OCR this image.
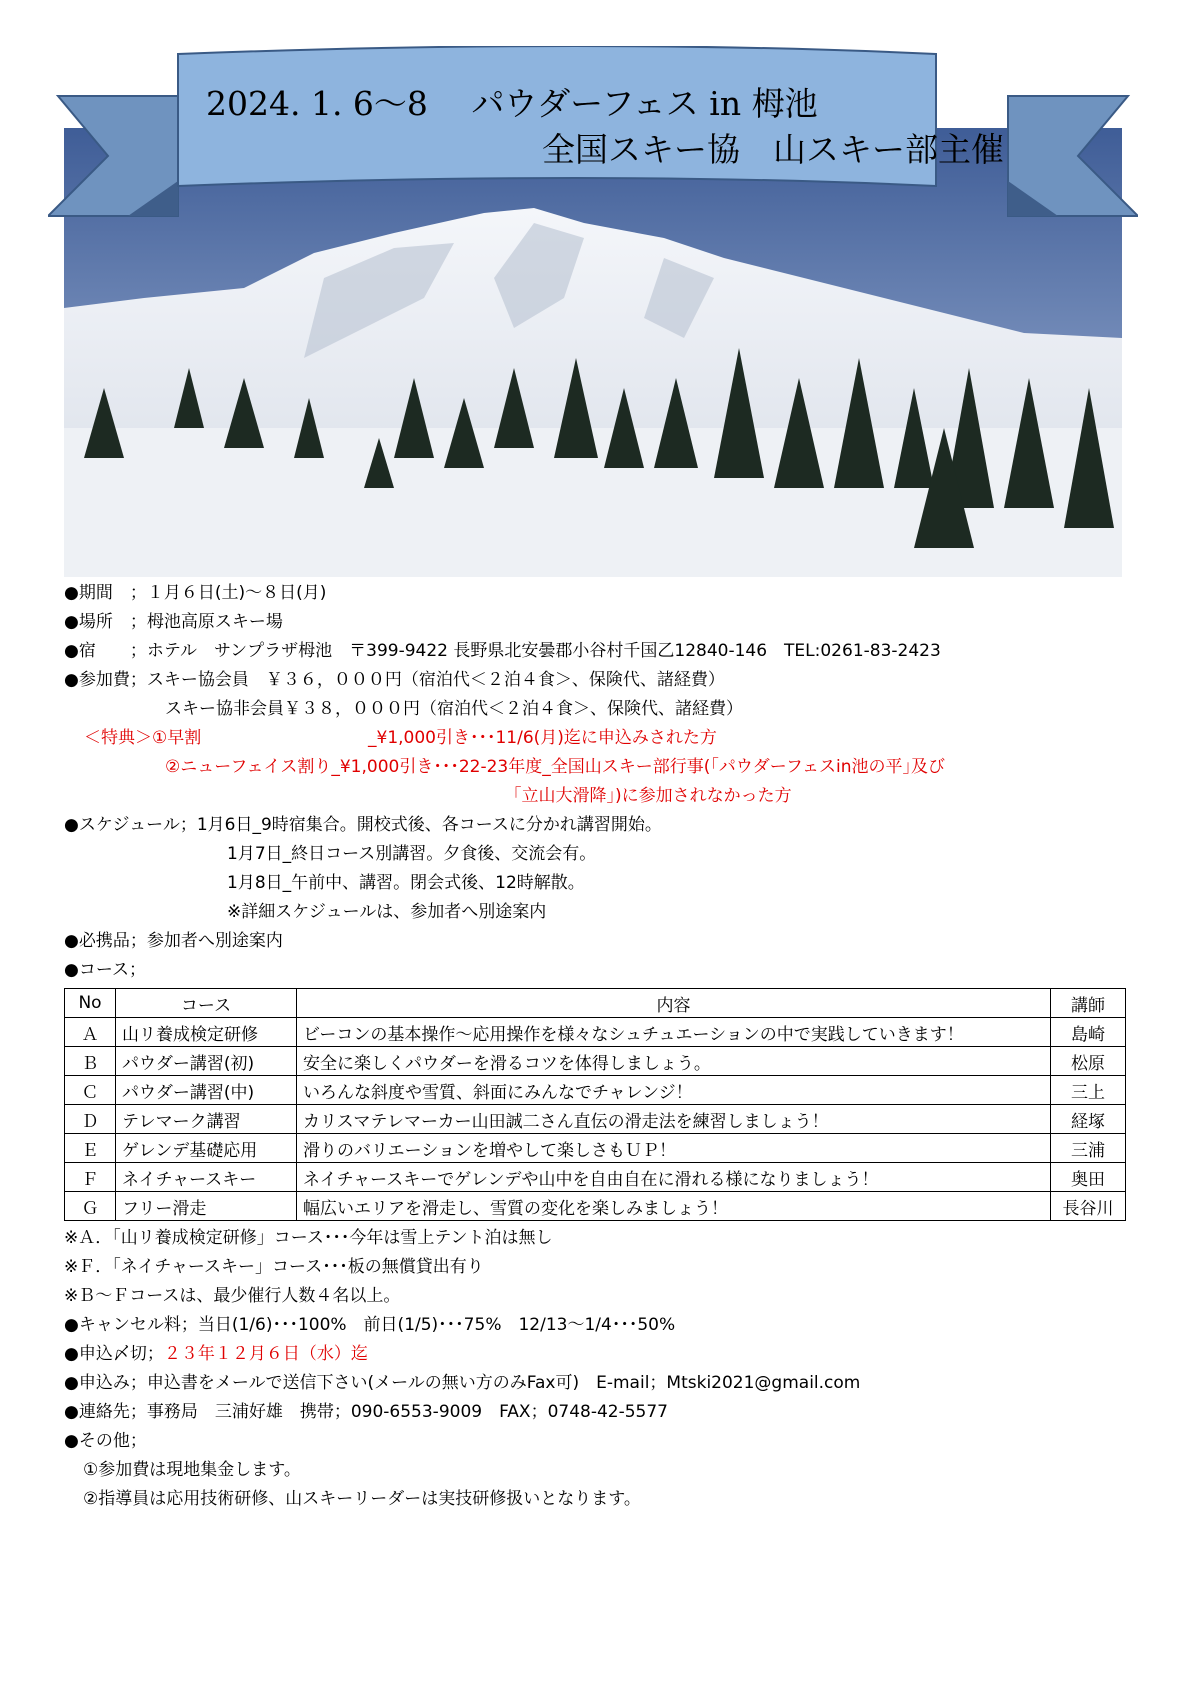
2024. 1. 6〜8　 パウダーフェス in 栂池
全国スキー協　山スキー部主催
●期間　；１月６日(土)〜８日(月)
●場所　；栂池高原スキー場
●宿　　；ホテル　サンプラザ栂池　〒399-9422 長野県北安曇郡小谷村千国乙12840-146　TEL:0261-83-2423
●参加費；スキー協会員　￥３６，０００円（宿泊代＜２泊４食＞、保険代、諸経費）
スキー協非会員￥３８，０００円（宿泊代＜２泊４食＞、保険代、諸経費）
＜特典＞①早割	_¥1,000引き･･･11/6(月)迄に申込みされた方
②ニューフェイス割り_¥1,000引き･･･22-23年度_全国山スキー部行事(｢パウダーフェスin池の平｣及び
｢立山大滑降｣)に参加されなかった方
●スケジュール；1月6日_9時宿集合。開校式後、各コースに分かれ講習開始。
1月7日_終日コース別講習。夕食後、交流会有。
1月8日_午前中、講習。閉会式後、12時解散。
※詳細スケジュールは、参加者へ別途案内
●必携品；参加者へ別途案内
●コース；
No	コース	内容	講師
Ａ	山リ養成検定研修	ビーコンの基本操作〜応用操作を様々なシュチュエーションの中で実践していきます！	島崎
Ｂ	パウダー講習(初)	安全に楽しくパウダーを滑るコツを体得しましょう。	松原
Ｃ	パウダー講習(中)	いろんな斜度や雪質、斜面にみんなでチャレンジ！	三上
Ｄ	テレマーク講習	カリスマテレマーカー山田誠二さん直伝の滑走法を練習しましょう！	経塚
Ｅ	ゲレンデ基礎応用	滑りのバリエーションを増やして楽しさもＵＰ！	三浦
Ｆ	ネイチャースキー	ネイチャースキーでゲレンデや山中を自由自在に滑れる様になりましょう！	奥田
Ｇ	フリー滑走	幅広いエリアを滑走し、雪質の変化を楽しみましょう！	長谷川
※Ａ．「山リ養成検定研修」コース･･･今年は雪上テント泊は無し
※Ｆ．「ネイチャースキー」コース･･･板の無償貸出有り
※Ｂ〜Ｆコースは、最少催行人数４名以上。
●キャンセル料；当日(1/6)･･･100%　前日(1/5)･･･75%　12/13〜1/4･･･50%
●申込〆切；２３年１２月６日（水）迄
●申込み；申込書をメールで送信下さい(メールの無い方のみFax可)　E-mail；Mtski2021@gmail.com
●連絡先；事務局　三浦好雄　携帯；090-6553-9009　FAX；0748-42-5577
●その他；
①参加費は現地集金します。
②指導員は応用技術研修、山スキーリーダーは実技研修扱いとなります。
